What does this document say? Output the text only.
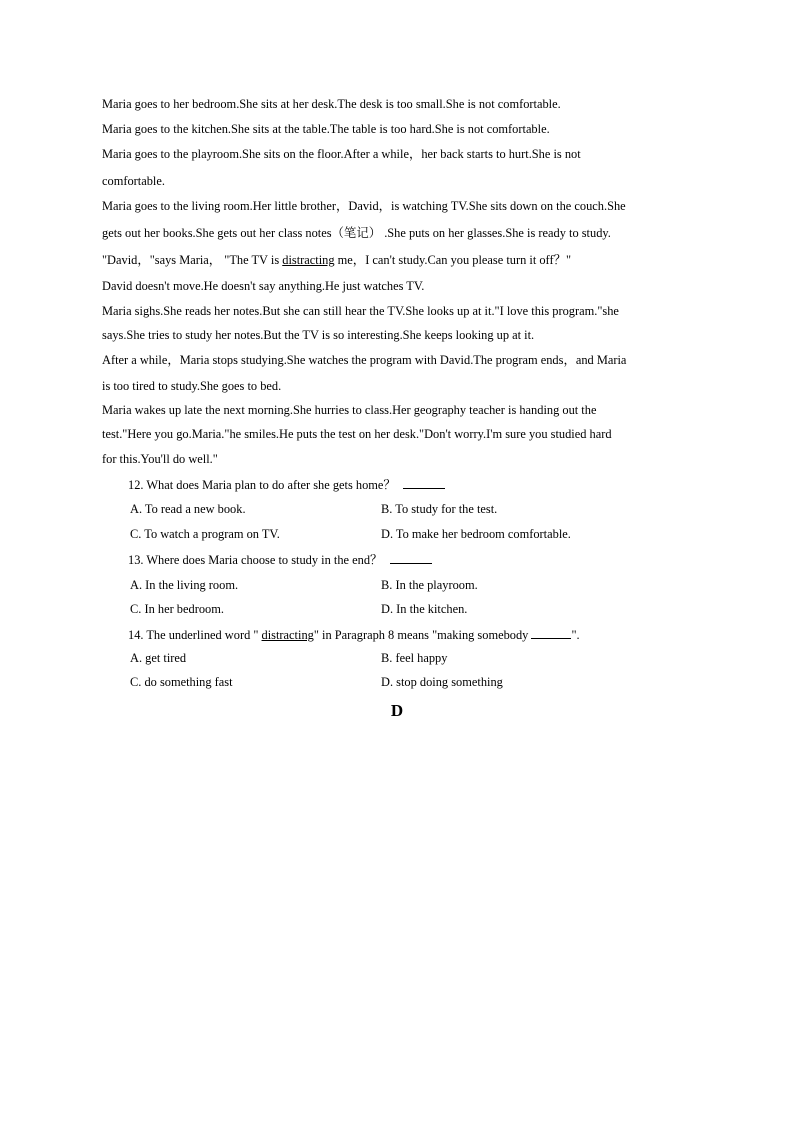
Maria goes to her bedroom.She sits at her desk.The desk is too small.She is not comfortable.
Maria goes to the kitchen.She sits at the table.The table is too hard.She is not comfortable.
Maria goes to the playroom.She sits on the floor.After a while，her back starts to hurt.She is not
comfortable.
Maria goes to the living room.Her little brother，David，is watching TV.She sits down on the couch.She
gets out her books.She gets out her class notes（笔记） .She puts on her glasses.She is ready to study.
"David，"says Maria， "The TV is distracting me，I can't study.Can you please turn it off？"
David doesn't move.He doesn't say anything.He just watches TV.
Maria sighs.She reads her notes.But she can still hear the TV.She looks up at it."I love this program."she
says.She tries to study her notes.But the TV is so interesting.She keeps looking up at it.
After a while，Maria stops studying.She watches the program with David.The program ends，and Maria
is too tired to study.She goes to bed.
Maria wakes up late the next morning.She hurries to class.Her geography teacher is handing out the
test."Here you go.Maria."he smiles.He puts the test on her desk."Don't worry.I'm sure you studied hard
for this.You'll do well."
12. What does Maria plan to do after she gets home？
A. To read a new book.	B. To study for the test.
C. To watch a program on TV.	D. To make her bedroom comfortable.
13. Where does Maria choose to study in the end？
A. In the living room.	B. In the playroom.
C. In her bedroom.	D. In the kitchen.
14. The underlined word " distracting" in Paragraph 8 means "making somebody	".
A. get tired	B. feel happy
C. do something fast	D. stop doing something
D
